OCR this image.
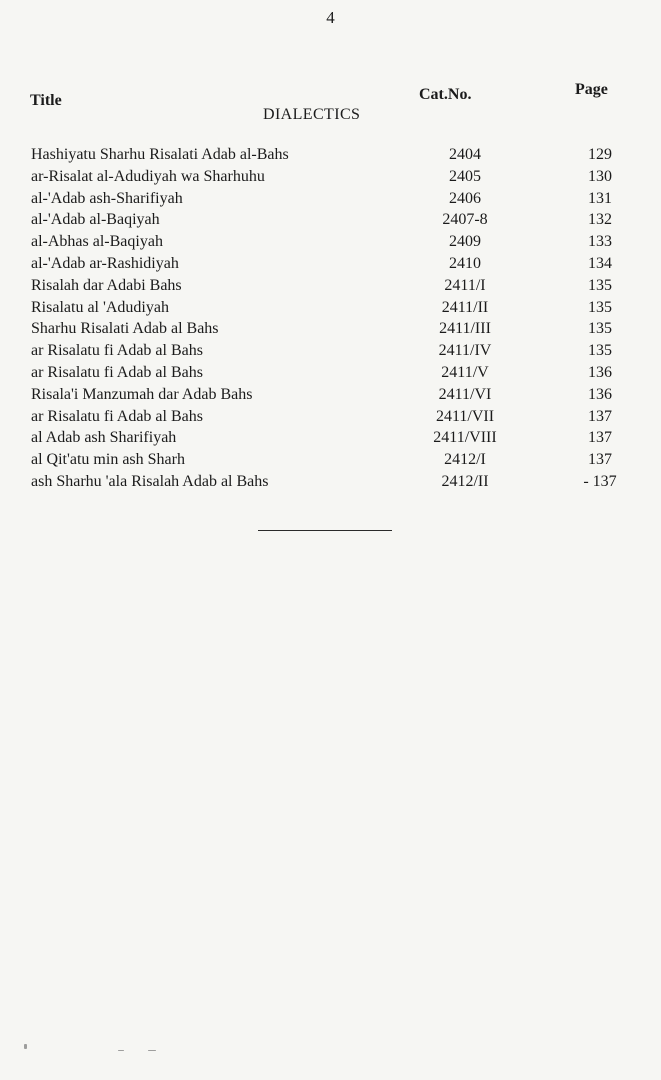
4
Title	Cat.No.	Page
DIALECTICS
Hashiyatu Sharhu Risalati Adab al-Bahs	2404	129
ar-Risalat al-Adudiyah wa Sharhuhu	2405	130
al-'Adab ash-Sharifiyah	2406	131
al-'Adab al-Baqiyah	2407-8	132
al-Abhas al-Baqiyah	2409	133
al-'Adab ar-Rashidiyah	2410	134
Risalah dar Adabi Bahs	2411/I	135
Risalatu al 'Adudiyah	2411/II	135
Sharhu Risalati Adab al Bahs	2411/III	135
ar Risalatu fi Adab al Bahs	2411/IV	135
ar Risalatu fi Adab al Bahs	2411/V	136
Risala'i Manzumah dar Adab Bahs	2411/VI	136
ar Risalatu fi Adab al Bahs	2411/VII	137
al Adab ash Sharifiyah	2411/VIII	137
al Qit'atu min ash Sharh	2412/I	137
ash Sharhu 'ala Risalah Adab al Bahs	2412/II	- 137
